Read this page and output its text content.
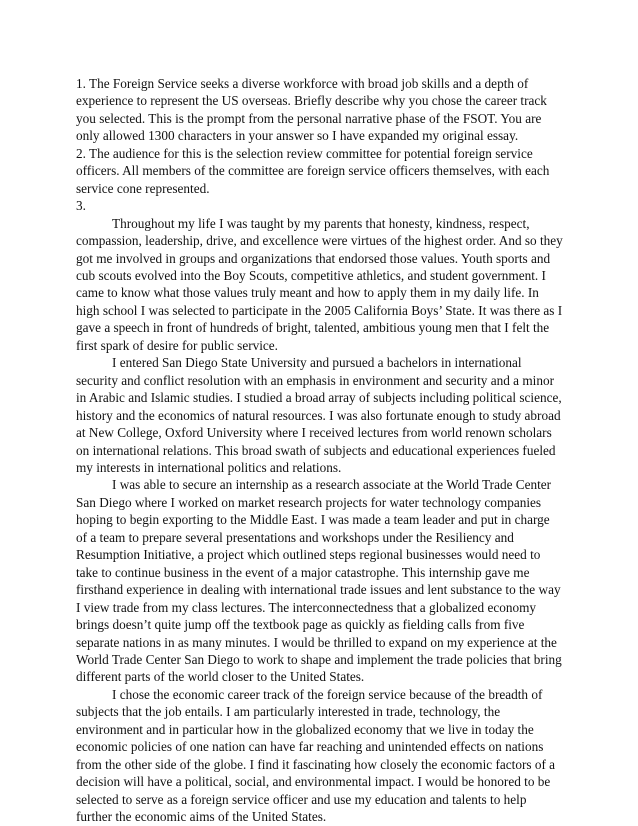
1. The Foreign Service seeks a diverse workforce with broad job skills and a depth of experience to represent the US overseas. Briefly describe why you chose the career track you selected. This is the prompt from the personal narrative phase of the FSOT. You are only allowed 1300 characters in your answer so I have expanded my original essay.

2. The audience for this is the selection review committee for potential foreign service officers. All members of the committee are foreign service officers themselves, with each service cone represented.

3.

Throughout my life I was taught by my parents that honesty, kindness, respect, compassion, leadership, drive, and excellence were virtues of the highest order. And so they got me involved in groups and organizations that endorsed those values. Youth sports and cub scouts evolved into the Boy Scouts, competitive athletics, and student government. I came to know what those values truly meant and how to apply them in my daily life. In high school I was selected to participate in the 2005 California Boys’ State. It was there as I gave a speech in front of hundreds of bright, talented, ambitious young men that I felt the first spark of desire for public service.

I entered San Diego State University and pursued a bachelors in international security and conflict resolution with an emphasis in environment and security and a minor in Arabic and Islamic studies. I studied a broad array of subjects including political science, history and the economics of natural resources. I was also fortunate enough to study abroad at New College, Oxford University where I received lectures from world renown scholars on international relations. This broad swath of subjects and educational experiences fueled my interests in international politics and relations.

I was able to secure an internship as a research associate at the World Trade Center San Diego where I worked on market research projects for water technology companies hoping to begin exporting to the Middle East. I was made a team leader and put in charge of a team to prepare several presentations and workshops under the Resiliency and Resumption Initiative, a project which outlined steps regional businesses would need to take to continue business in the event of a major catastrophe. This internship gave me firsthand experience in dealing with international trade issues and lent substance to the way I view trade from my class lectures. The interconnectedness that a globalized economy brings doesn’t quite jump off the textbook page as quickly as fielding calls from five separate nations in as many minutes. I would be thrilled to expand on my experience at the World Trade Center San Diego to work to shape and implement the trade policies that bring different parts of the world closer to the United States.

I chose the economic career track of the foreign service because of the breadth of subjects that the job entails. I am particularly interested in trade, technology, the environment and in particular how in the globalized economy that we live in today the economic policies of one nation can have far reaching and unintended effects on nations from the other side of the globe. I find it fascinating how closely the economic factors of a decision will have a political, social, and environmental impact. I would be honored to be selected to serve as a foreign service officer and use my education and talents to help further the economic aims of the United States.
